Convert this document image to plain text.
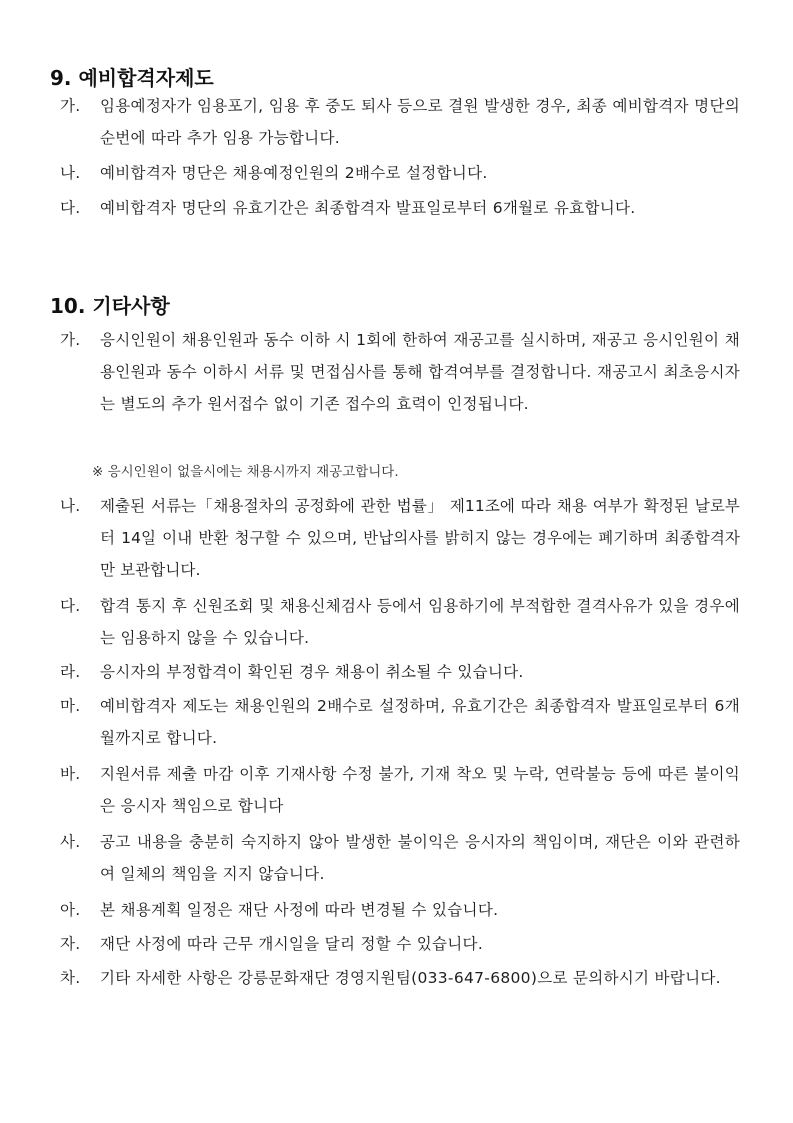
9. 예비합격자제도
가. 임용예정자가 임용포기, 임용 후 중도 퇴사 등으로 결원 발생한 경우, 최종 예비합격자 명단의 순번에 따라 추가 임용 가능합니다.
나. 예비합격자 명단은 채용예정인원의 2배수로 설정합니다.
다. 예비합격자 명단의 유효기간은 최종합격자 발표일로부터 6개월로 유효합니다.
10. 기타사항
가. 응시인원이 채용인원과 동수 이하 시 1회에 한하여 재공고를 실시하며, 재공고 응시인원이 채용인원과 동수 이하시 서류 및 면접심사를 통해 합격여부를 결정합니다. 재공고시 최초응시자는 별도의 추가 원서접수 없이 기존 접수의 효력이 인정됩니다.
※ 응시인원이 없을시에는 채용시까지 재공고합니다.
나. 제출된 서류는「채용절차의 공정화에 관한 법률」 제11조에 따라 채용 여부가 확정된 날로부터 14일 이내 반환 청구할 수 있으며, 반납의사를 밝히지 않는 경우에는 폐기하며 최종합격자만 보관합니다.
다. 합격 통지 후 신원조회 및 채용신체검사 등에서 임용하기에 부적합한 결격사유가 있을 경우에는 임용하지 않을 수 있습니다.
라. 응시자의 부정합격이 확인된 경우 채용이 취소될 수 있습니다.
마. 예비합격자 제도는 채용인원의 2배수로 설정하며, 유효기간은 최종합격자 발표일로부터 6개월까지로 합니다.
바. 지원서류 제출 마감 이후 기재사항 수정 불가, 기재 착오 및 누락, 연락불능 등에 따른 불이익은 응시자 책임으로 합니다
사. 공고 내용을 충분히 숙지하지 않아 발생한 불이익은 응시자의 책임이며, 재단은 이와 관련하여 일체의 책임을 지지 않습니다.
아. 본 채용계획 일정은 재단 사정에 따라 변경될 수 있습니다.
자. 재단 사정에 따라 근무 개시일을 달리 정할 수 있습니다.
차. 기타 자세한 사항은 강릉문화재단 경영지원팀(033-647-6800)으로 문의하시기 바랍니다.
